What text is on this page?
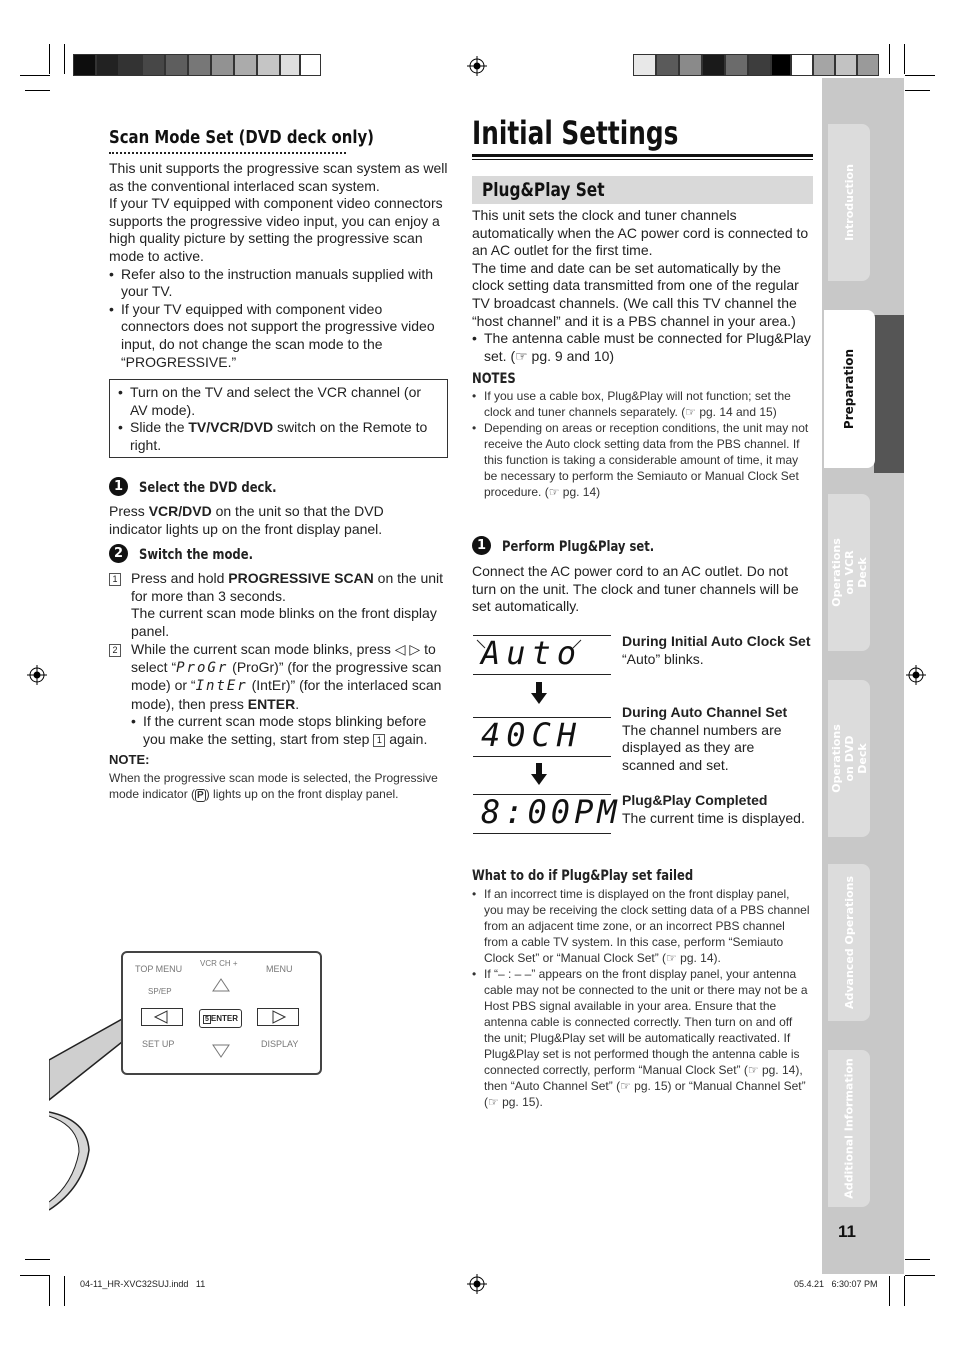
Introduction
Preparation
Operations on VCR Deck
Operations on DVD Deck
Advanced Operations
Additional Information
11
Scan Mode Set (DVD deck only)
This unit supports the progressive scan system as well as the conventional interlaced scan system.
If your TV equipped with component video connectors supports the progressive video input, you can enjoy a high quality picture by setting the progressive scan mode to active.
• Refer also to the instruction manuals supplied with your TV.
• If your TV equipped with component video connectors does not support the progressive video input, do not change the scan mode to the “PROGRESSIVE.”
• Turn on the TV and select the VCR channel (or AV mode).
• Slide the TV/VCR/DVD switch on the Remote to right.
1	Select the DVD deck.
Press VCR/DVD on the unit so that the DVD indicator lights up on the front display panel.
2	Switch the mode.
1 Press and hold PROGRESSIVE SCAN on the unit for more than 3 seconds.
The current scan mode blinks on the front display panel.
2 While the current scan mode blinks, press ◁ ▷ to select “ProGr (ProGr)” (for the progressive scan mode) or “IntEr (IntEr)” (for the interlaced scan mode), then press ENTER.
• If the current scan mode stops blinking before you make the setting, start from step 1 again.
NOTE:
When the progressive scan mode is selected, the Progressive mode indicator ( P ) lights up on the front display panel.
TOP MENU
SP/EP
VCR CH +
MENU
5 ENTER
SET UP	DISPLAY
Initial Settings
Plug&Play Set
This unit sets the clock and tuner channels automatically when the AC power cord is connected to an AC outlet for the first time.
The time and date can be set automatically by the clock setting data transmitted from one of the regular TV broadcast channels. (We call this TV channel the “host channel” and it is a PBS channel in your area.)
• The antenna cable must be connected for Plug&Play set. (☞ pg. 9 and 10)
NOTES
• If you use a cable box, Plug&Play will not function; set the clock and tuner channels separately. (☞ pg. 14 and 15)
• Depending on areas or reception conditions, the unit may not receive the Auto clock setting data from the PBS channel. If this function is taking a considerable amount of time, it may be necessary to perform the Semiauto or Manual Clock Set procedure. (☞ pg. 14)
1	Perform Plug&Play set.
Connect the AC power cord to an AC outlet. Do not turn on the unit. The clock and tuner channels will be set automatically.
Auto
40CH
8:00PM
During Initial Auto Clock Set
“Auto” blinks.
During Auto Channel Set
The channel numbers are displayed as they are scanned and set.
Plug&Play Completed
The current time is displayed.
What to do if Plug&Play set failed
• If an incorrect time is displayed on the front display panel, you may be receiving the clock setting data of a PBS channel from an adjacent time zone, or an incorrect PBS channel from a cable TV system. In this case, perform “Semiauto Clock Set” or “Manual Clock Set” (☞ pg. 14).
• If “– : – –” appears on the front display panel, your antenna cable may not be connected to the unit or there may not be a Host PBS signal available in your area. Ensure that the antenna cable is connected correctly. Then turn on and off the unit; Plug&Play set will be automatically reactivated. If Plug&Play set is not performed though the antenna cable is connected correctly, perform “Manual Clock Set” (☞ pg. 14), then “Auto Channel Set” (☞ pg. 15) or “Manual Channel Set” (☞ pg. 15).
04-11_HR-XVC32SUJ.indd   11	05.4.21   6:30:07 PM
